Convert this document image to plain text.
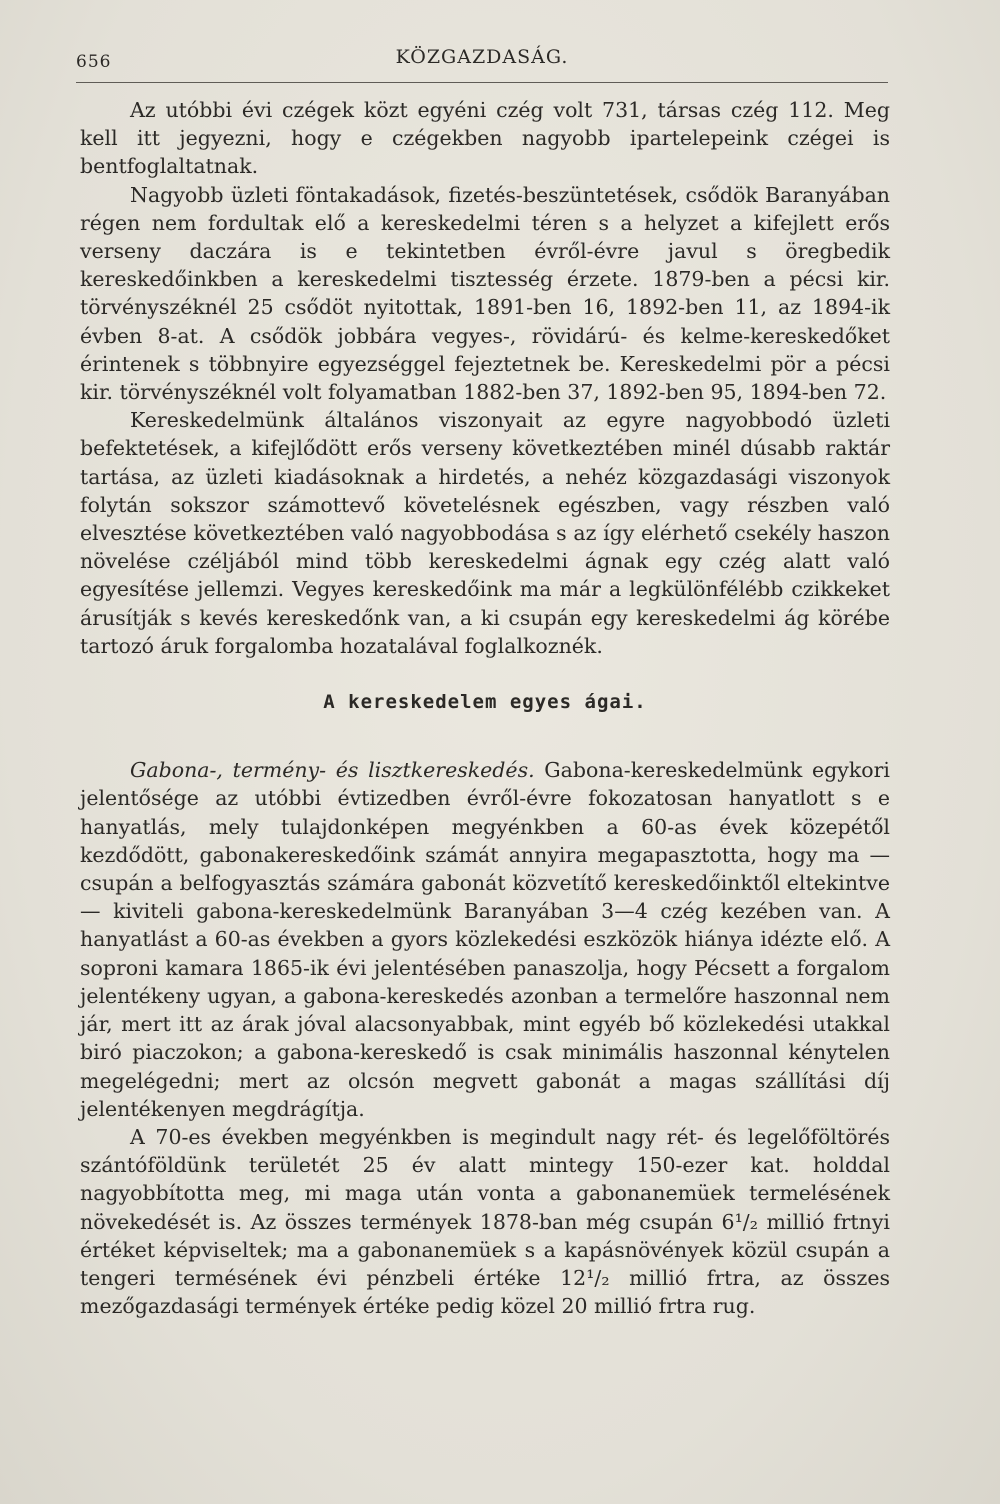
656	KÖZGAZDASÁG.

Az utóbbi évi czégek közt egyéni czég volt 731, társas czég 112. Meg kell itt jegyezni, hogy e czégekben nagyobb ipartelepeink czégei is bentfoglaltatnak.

Nagyobb üzleti föntakadások, fizetés-beszüntetések, csődök Baranyában régen nem fordultak elő a kereskedelmi téren s a helyzet a kifejlett erős verseny daczára is e tekintetben évről-évre javul s öregbedik kereskedőinkben a kereskedelmi tisztesség érzete. 1879-ben a pécsi kir. törvényszéknél 25 csődöt nyitottak, 1891-ben 16, 1892-ben 11, az 1894-ik évben 8-at. A csődök jobbára vegyes-, rövidárú- és kelme-kereskedőket érintenek s többnyire egyezséggel fejeztetnek be. Kereskedelmi pör a pécsi kir. törvényszéknél volt folyamatban 1882-ben 37, 1892-ben 95, 1894-ben 72.

Kereskedelmünk általános viszonyait az egyre nagyobbodó üzleti befektetések, a kifejlődött erős verseny következtében minél dúsabb raktár tartása, az üzleti kiadásoknak a hirdetés, a nehéz közgazdasági viszonyok folytán sokszor számottevő követelésnek egészben, vagy részben való elvesztése következtében való nagyobbodása s az így elérhető csekély haszon növelése czéljából mind több kereskedelmi ágnak egy czég alatt való egyesítése jellemzi. Vegyes kereskedőink ma már a legkülönfélébb czikkeket árusítják s kevés kereskedőnk van, a ki csupán egy kereskedelmi ág körébe tartozó áruk forgalomba hozatalával foglalkoznék.

A kereskedelem egyes ágai.

Gabona-, termény- és lisztkereskedés. Gabona-kereskedelmünk egykori jelentősége az utóbbi évtizedben évről-évre fokozatosan hanyatlott s e hanyatlás, mely tulajdonképen megyénkben a 60-as évek közepétől kezdődött, gabonakereskedőink számát annyira megapasztotta, hogy ma — csupán a belfogyasztás számára gabonát közvetítő kereskedőinktől eltekintve — kiviteli gabona-kereskedelmünk Baranyában 3—4 czég kezében van. A hanyatlást a 60-as években a gyors közlekedési eszközök hiánya idézte elő. A soproni kamara 1865-ik évi jelentésében panaszolja, hogy Pécsett a forgalom jelentékeny ugyan, a gabona-kereskedés azonban a termelőre haszonnal nem jár, mert itt az árak jóval alacsonyabbak, mint egyéb bő közlekedési utakkal biró piaczokon; a gabona-kereskedő is csak minimális haszonnal kénytelen megelégedni; mert az olcsón megvett gabonát a magas szállítási díj jelentékenyen megdrágítja.

A 70-es években megyénkben is megindult nagy rét- és legelőföltörés szántóföldünk területét 25 év alatt mintegy 150-ezer kat. holddal nagyobbította meg, mi maga után vonta a gabonanemüek termelésének növekedését is. Az összes termények 1878-ban még csupán 6¹/₂ millió frtnyi értéket képviseltek; ma a gabonanemüek s a kapásnövények közül csupán a tengeri termésének évi pénzbeli értéke 12¹/₂ millió frtra, az összes mezőgazdasági termények értéke pedig közel 20 millió frtra rug.
